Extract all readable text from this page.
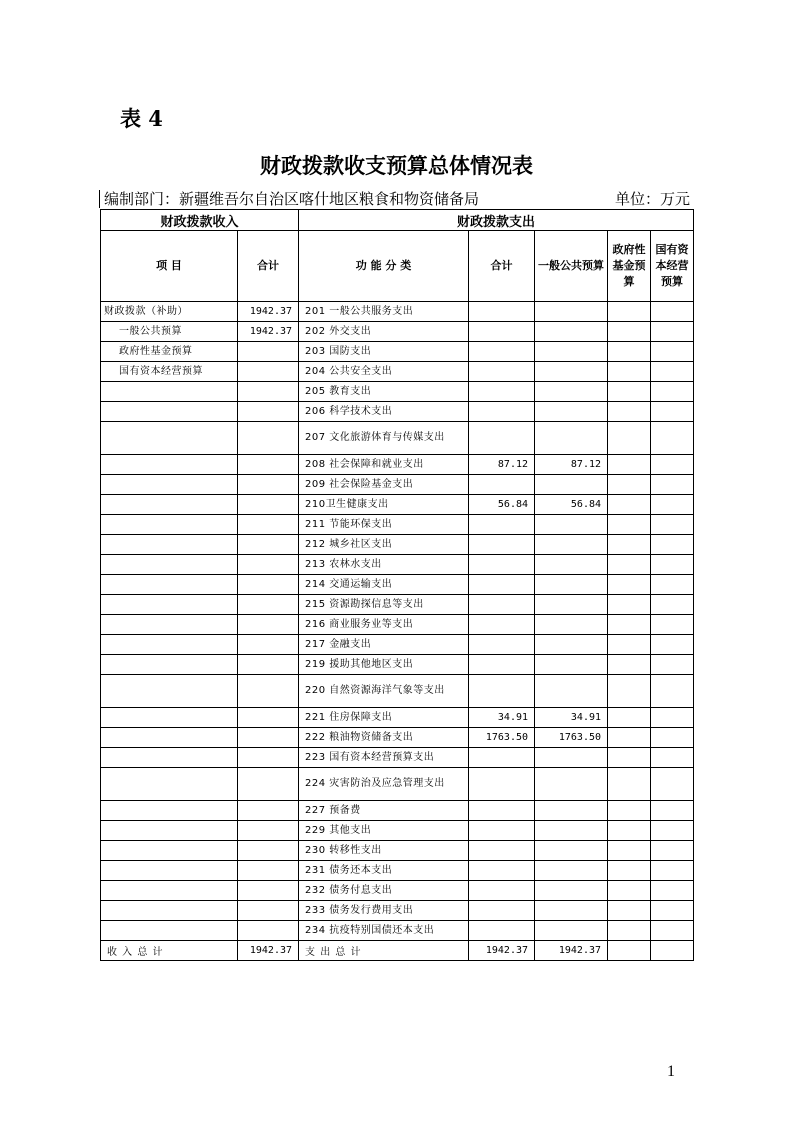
表 4
财政拨款收支预算总体情况表
编制部门：新疆维吾尔自治区喀什地区粮食和物资储备局	单位：万元
财政拨款收入		财政拨款支出				
项 目	合计	功 能 分 类	合计	一般公共预算	政府性基金预算	国有资本经营预算
财政拨款（补助）	1942.37	201 一般公共服务支出				
一般公共预算	1942.37	202 外交支出				
政府性基金预算		203 国防支出				
国有资本经营预算		204 公共安全支出				
		205 教育支出				
		206 科学技术支出				
		207 文化旅游体育与传媒支出				
		208 社会保障和就业支出	87.12	87.12		
		209 社会保险基金支出				
		210卫生健康支出	56.84	56.84		
		211 节能环保支出				
		212 城乡社区支出				
		213 农林水支出				
		214 交通运输支出				
		215 资源勘探信息等支出				
		216 商业服务业等支出				
		217 金融支出				
		219 援助其他地区支出				
		220 自然资源海洋气象等支出				
		221 住房保障支出	34.91	34.91		
		222 粮油物资储备支出	1763.50	1763.50		
		223 国有资本经营预算支出				
		224 灾害防治及应急管理支出				
		227 预备费				
		229 其他支出				
		230 转移性支出				
		231 债务还本支出				
		232 债务付息支出				
		233 债务发行费用支出				
		234 抗疫特别国债还本支出				
收 入 总 计	1942.37	支 出 总 计	1942.37	1942.37		
1
